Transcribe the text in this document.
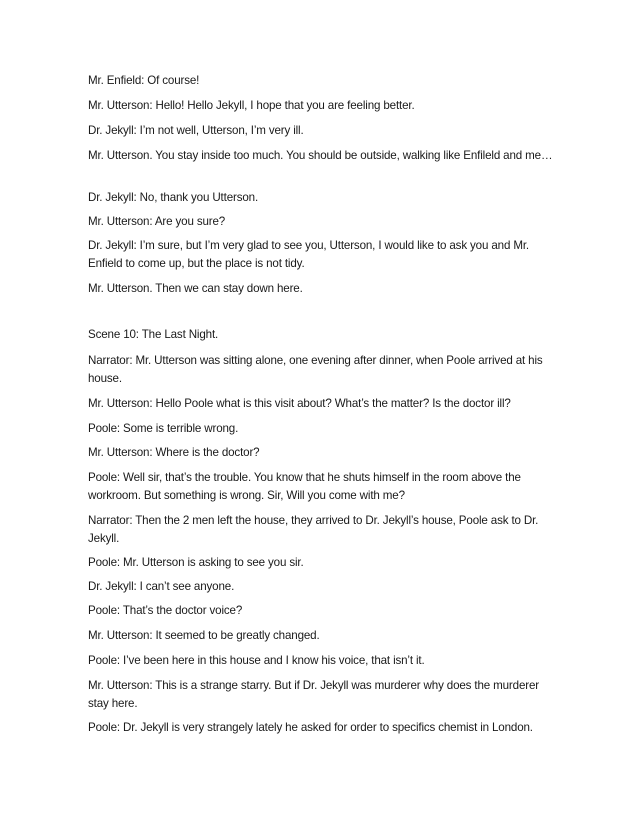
Mr. Enfield: Of course!

Mr. Utterson: Hello! Hello Jekyll, I hope that you are feeling better.

Dr. Jekyll: I’m not well, Utterson, I’m very ill.

Mr. Utterson. You stay inside too much. You should be outside, walking like Enfileld and me…

Dr. Jekyll: No, thank you Utterson.

Mr. Utterson: Are you sure?

Dr. Jekyll: I’m sure, but I’m very glad to see you, Utterson, I would like to ask you and Mr. Enfield to come up, but the place is not tidy.

Mr. Utterson. Then we can stay down here.

Scene 10: The Last Night.

Narrator: Mr. Utterson was sitting alone, one evening after dinner, when Poole arrived at his house.

Mr. Utterson: Hello Poole what is this visit about? What’s the matter? Is the doctor ill?

Poole: Some is terrible wrong.

Mr. Utterson: Where is the doctor?

Poole: Well sir, that’s the trouble. You know that he shuts himself in the room above the workroom. But something is wrong. Sir, Will you come with me?

Narrator: Then the 2 men left the house, they arrived to Dr. Jekyll’s house, Poole ask to Dr. Jekyll.

Poole: Mr. Utterson is asking to see you sir.

Dr. Jekyll: I can’t see anyone.

Poole: That’s the doctor voice?

Mr. Utterson: It seemed to be greatly changed.

Poole: I’ve been here in this house and I know his voice, that isn’t it.

Mr. Utterson: This is a strange starry. But if Dr. Jekyll was murderer why does the murderer stay here.

Poole: Dr. Jekyll is very strangely lately he asked for order to specifics chemist in London.
